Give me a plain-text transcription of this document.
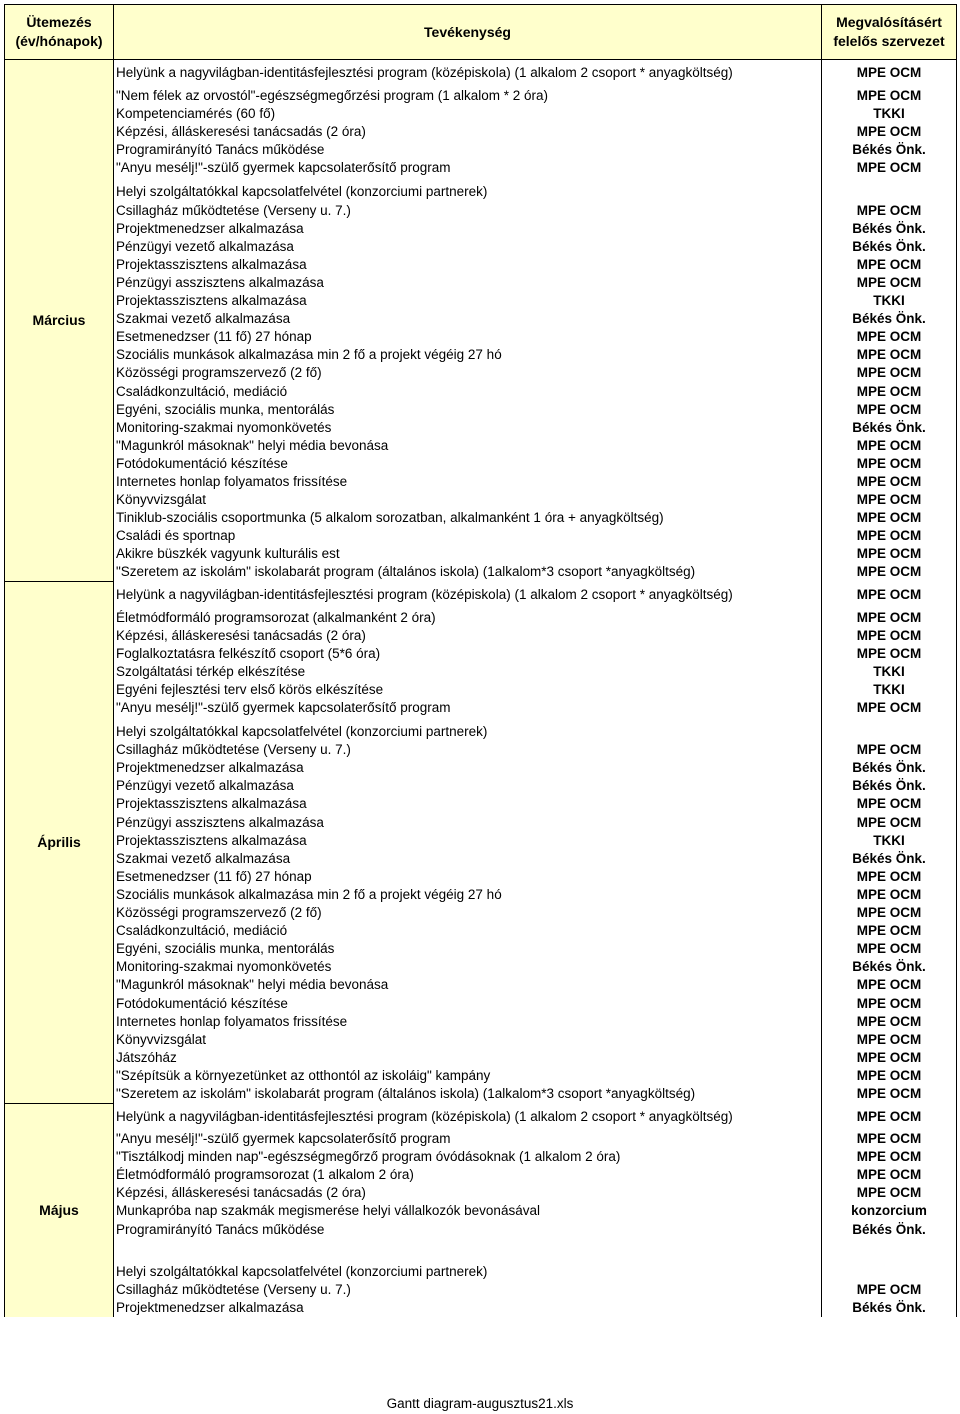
Ütemezés
(év/hónapok)	Tevékenység	Megvalósításért
felelős szervezet
Március	Helyünk a nagyvilágban-identitásfejlesztési program (középiskola) (1 alkalom 2 csoport * anyagköltség)	MPE OCM
	"Nem félek az orvostól"-egészségmegőrzési program (1 alkalom * 2 óra)	MPE OCM
	Kompetenciamérés (60 fő)	TKKI
	Képzési, álláskeresési tanácsadás (2 óra)	MPE OCM
	Programirányító Tanács működése	Békés Önk.
	"Anyu mesélj!"-szülő gyermek kapcsolaterősítő program	MPE OCM

	Helyi szolgáltatókkal kapcsolatfelvétel (konzorciumi partnerek)	
	Csillagház működtetése (Verseny u. 7.)	MPE OCM
	Projektmenedzser alkalmazása	Békés Önk.
	Pénzügyi vezető alkalmazása	Békés Önk.
	Projektasszisztens alkalmazása	MPE OCM
	Pénzügyi asszisztens alkalmazása	MPE OCM
	Projektasszisztens alkalmazása	TKKI
	Szakmai vezető alkalmazása	Békés Önk.
	Esetmenedzser (11 fő) 27 hónap	MPE OCM
	Szociális munkások alkalmazása min 2 fő a projekt végéig 27 hó	MPE OCM
	Közösségi programszervező (2 fő)	MPE OCM
	Családkonzultáció, mediáció	MPE OCM
	Egyéni, szociális munka, mentorálás	MPE OCM
	Monitoring-szakmai nyomonkövetés	Békés Önk.
	"Magunkról másoknak" helyi média bevonása	MPE OCM
	Fotódokumentáció készítése	MPE OCM
	Internetes honlap folyamatos frissítése	MPE OCM
	Könyvvizsgálat	MPE OCM
	Tiniklub-szociális csoportmunka (5 alkalom sorozatban, alkalmanként 1 óra + anyagköltség)	MPE OCM
	Családi és sportnap	MPE OCM
	Akikre büszkék vagyunk kulturális est	MPE OCM
	"Szeretem az iskolám" iskolabarát program (általános iskola) (1alkalom*3 csoport *anyagköltség)	MPE OCM
Április	Helyünk a nagyvilágban-identitásfejlesztési program (középiskola) (1 alkalom 2 csoport * anyagköltség)	MPE OCM
	Életmódformáló programsorozat (alkalmanként 2 óra)	MPE OCM
	Képzési, álláskeresési tanácsadás (2 óra)	MPE OCM
	Foglalkoztatásra felkészítő csoport (5*6 óra)	MPE OCM
	Szolgáltatási térkép elkészítése	TKKI
	Egyéni fejlesztési terv első körös elkészítése	TKKI
	"Anyu mesélj!"-szülő gyermek kapcsolaterősítő program	MPE OCM

	Helyi szolgáltatókkal kapcsolatfelvétel (konzorciumi partnerek)	
	Csillagház működtetése (Verseny u. 7.)	MPE OCM
	Projektmenedzser alkalmazása	Békés Önk.
	Pénzügyi vezető alkalmazása	Békés Önk.
	Projektasszisztens alkalmazása	MPE OCM
	Pénzügyi asszisztens alkalmazása	MPE OCM
	Projektasszisztens alkalmazása	TKKI
	Szakmai vezető alkalmazása	Békés Önk.
	Esetmenedzser (11 fő) 27 hónap	MPE OCM
	Szociális munkások alkalmazása min 2 fő a projekt végéig 27 hó	MPE OCM
	Közösségi programszervező (2 fő)	MPE OCM
	Családkonzultáció, mediáció	MPE OCM
	Egyéni, szociális munka, mentorálás	MPE OCM
	Monitoring-szakmai nyomonkövetés	Békés Önk.
	"Magunkról másoknak" helyi média bevonása	MPE OCM
	Fotódokumentáció készítése	MPE OCM
	Internetes honlap folyamatos frissítése	MPE OCM
	Könyvvizsgálat	MPE OCM
	Játszóház	MPE OCM
	"Szépítsük a környezetünket az otthontól az iskoláig" kampány	MPE OCM
	"Szeretem az iskolám" iskolabarát program (általános iskola) (1alkalom*3 csoport *anyagköltség)	MPE OCM
Május	Helyünk a nagyvilágban-identitásfejlesztési program (középiskola) (1 alkalom 2 csoport * anyagköltség)	MPE OCM
	"Anyu mesélj!"-szülő gyermek kapcsolaterősítő program	MPE OCM
	"Tisztálkodj minden nap"-egészségmegőrző program óvódásoknak (1 alkalom 2 óra)	MPE OCM
	Életmódformáló programsorozat (1 alkalom 2 óra)	MPE OCM
	Képzési, álláskeresési tanácsadás (2 óra)	MPE OCM
	Munkapróba nap szakmák megismerése helyi vállalkozók bevonásával	konzorcium
	Programirányító Tanács működése	Békés Önk.

	Helyi szolgáltatókkal kapcsolatfelvétel (konzorciumi partnerek)	
	Csillagház működtetése (Verseny u. 7.)	MPE OCM
	Projektmenedzser alkalmazása	Békés Önk.
Gantt diagram-augusztus21.xls
